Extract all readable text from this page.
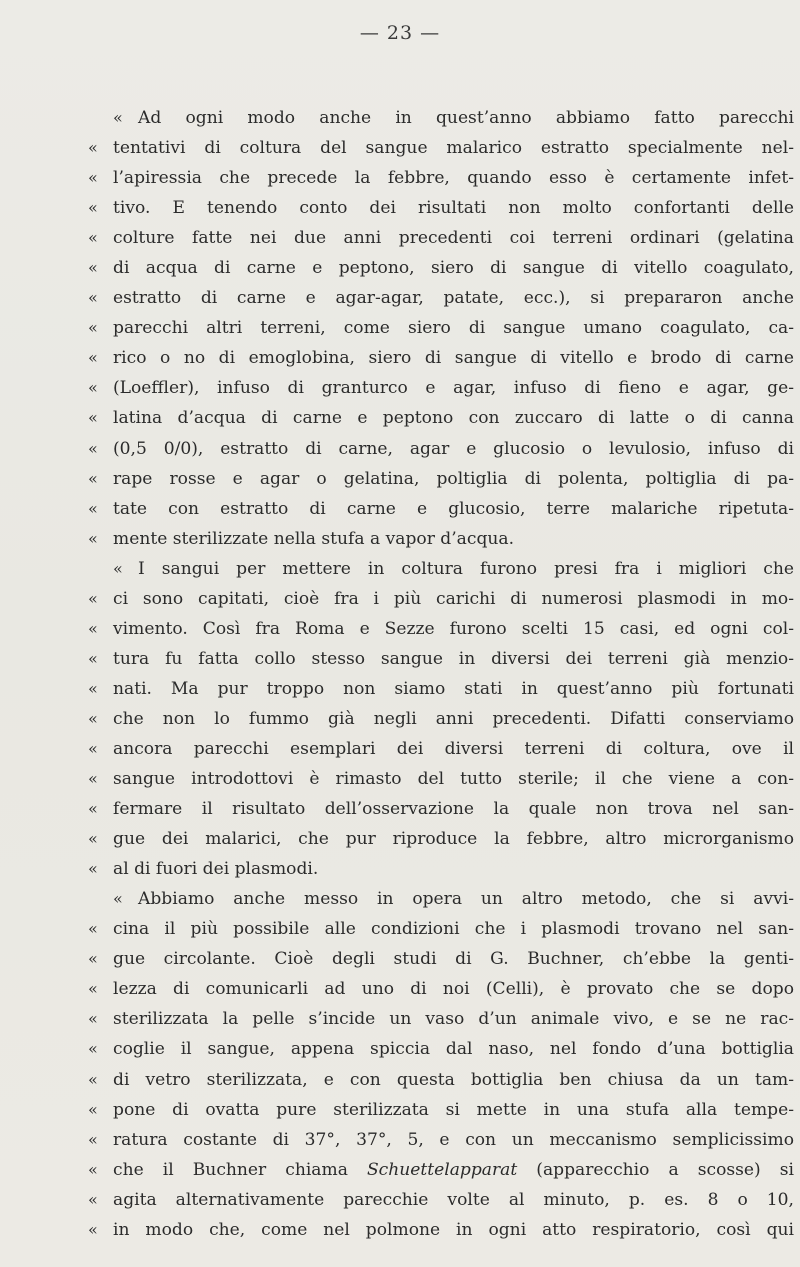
— 23 —
« Ad ogni modo anche in quest’anno abbiamo fatto parecchi
« tentativi di coltura del sangue malarico estratto specialmente nel-
« l’apiressia che precede la febbre, quando esso è certamente infet-
« tivo. E tenendo conto dei risultati non molto confortanti delle
« colture fatte nei due anni precedenti coi terreni ordinari (gelatina
« di acqua di carne e peptono, siero di sangue di vitello coagulato,
« estratto di carne e agar-agar, patate, ecc.), si prepararon anche
« parecchi altri terreni, come siero di sangue umano coagulato, ca-
« rico o no di emoglobina, siero di sangue di vitello e brodo di carne
« (Loeffler), infuso di granturco e agar, infuso di fieno e agar, ge-
« latina d’acqua di carne e peptono con zuccaro di latte o di canna
« (0,5 0/0), estratto di carne, agar e glucosio o levulosio, infuso di
« rape rosse e agar o gelatina, poltiglia di polenta, poltiglia di pa-
« tate con estratto di carne e glucosio, terre malariche ripetuta-
« mente sterilizzate nella stufa a vapor d’acqua.
« I sangui per mettere in coltura furono presi fra i migliori che
« ci sono capitati, cioè fra i più carichi di numerosi plasmodi in mo-
« vimento. Così fra Roma e Sezze furono scelti 15 casi, ed ogni col-
« tura fu fatta collo stesso sangue in diversi dei terreni già menzio-
« nati. Ma pur troppo non siamo stati in quest’anno più fortunati
« che non lo fummo già negli anni precedenti. Difatti conserviamo
« ancora parecchi esemplari dei diversi terreni di coltura, ove il
« sangue introdottovi è rimasto del tutto sterile; il che viene a con-
« fermare il risultato dell’osservazione la quale non trova nel san-
« gue dei malarici, che pur riproduce la febbre, altro microrganismo
« al di fuori dei plasmodi.
« Abbiamo anche messo in opera un altro metodo, che si avvi-
« cina il più possibile alle condizioni che i plasmodi trovano nel san-
« gue circolante. Cioè degli studi di G. Buchner, ch’ebbe la genti-
« lezza di comunicarli ad uno di noi (Celli), è provato che se dopo
« sterilizzata la pelle s’incide un vaso d’un animale vivo, e se ne rac-
« coglie il sangue, appena spiccia dal naso, nel fondo d’una bottiglia
« di vetro sterilizzata, e con questa bottiglia ben chiusa da un tam-
« pone di ovatta pure sterilizzata si mette in una stufa alla tempe-
« ratura costante di 37°, 37°, 5, e con un meccanismo semplicissimo
« che il Buchner chiama Schuettelapparat (apparecchio a scosse) si
« agita alternativamente parecchie volte al minuto, p. es. 8 o 10,
« in modo che, come nel polmone in ogni atto respiratorio, così qui
